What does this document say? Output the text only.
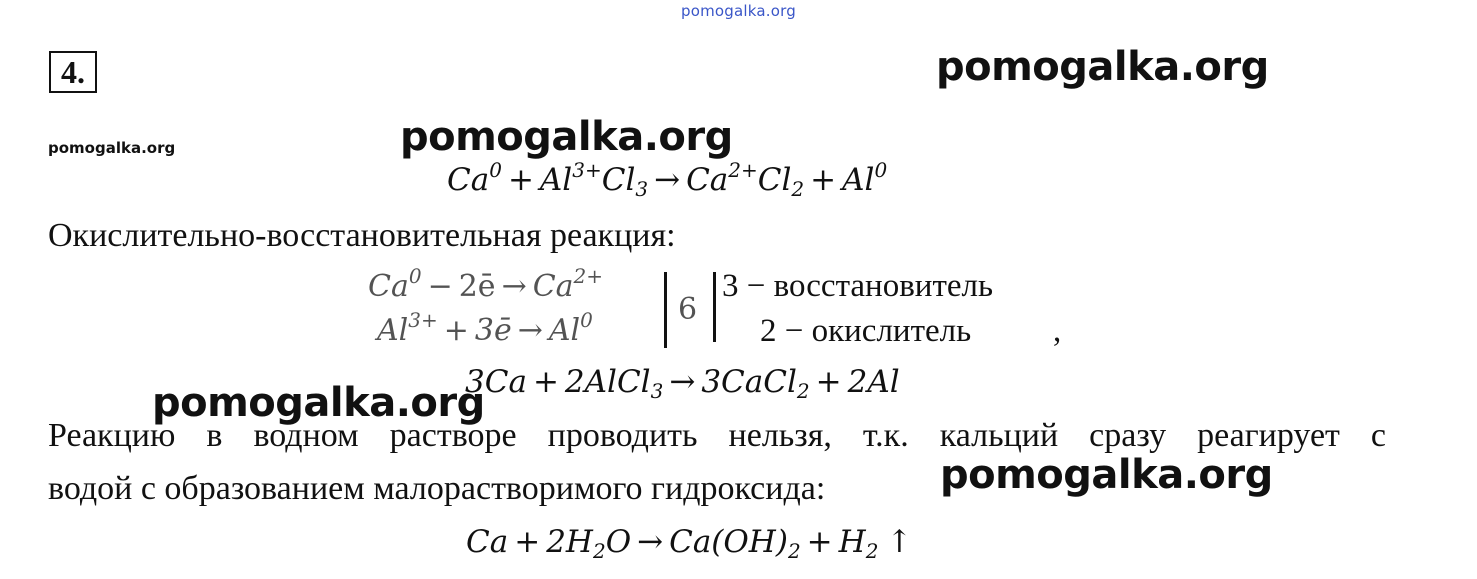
pomogalka.org
pomogalka.org
pomogalka.org	pomogalka.org
4.
$Ca^0 + Al^{3+}Cl_3 \to Ca^{2+}Cl_2 + Al^0$
Окислительно-восстановительная реакция:
$Ca^0$ − 2ē → $Ca^{2+}$
$Al^{3+}$ + 3ē → $Al^0$	6
3 − восстановитель
2 − окислитель ,
3Ca + 2AlCl$_3$ → 3CaCl$_2$ + 2Al
pomogalka.org
Реакцию в водном растворе проводить нельзя, т.к. кальций сразу реагирует с
водой с образованием малорастворимого гидроксида:	pomogalka.org
$Ca + 2H_2O \to Ca(OH)_2 + H_2$ ↑
